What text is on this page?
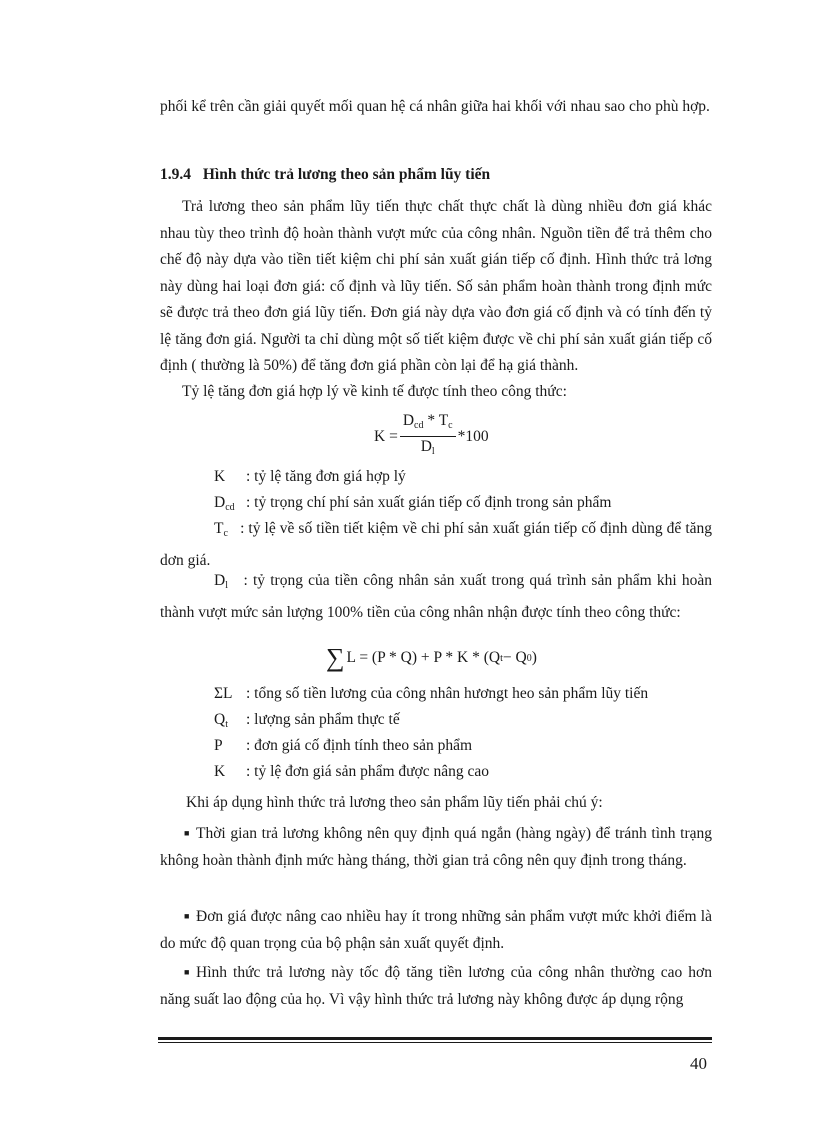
phối kể trên cần giải quyết mối quan hệ cá nhân giữa hai khối với nhau sao cho phù hợp.

1.9.4 Hình thức trả lương theo sản phẩm lũy tiến

Trả lương theo sản phẩm lũy tiến thực chất thực chất là dùng nhiều đơn giá khác nhau tùy theo trình độ hoàn thành vượt mức của công nhân. Nguồn tiền để trả thêm cho chế độ này dựa vào tiền tiết kiệm chi phí sản xuất gián tiếp cố định. Hình thức trả lơng này dùng hai loại đơn giá: cố định và lũy tiến. Số sản phẩm hoàn thành trong định mức sẽ được trả theo đơn giá lũy tiến. Đơn giá này dựa vào đơn giá cố định và có tính đến tỷ lệ tăng đơn giá. Người ta chỉ dùng một số tiết kiệm được về chi phí sản xuất gián tiếp cố định ( thường là 50%) để tăng đơn giá phần còn lại để hạ giá thành.

Tỷ lệ tăng đơn giá hợp lý về kinh tế được tính theo công thức:

$K = \frac{D_{cd} * T_c}{D_l} *100$

K	: tỷ lệ tăng đơn giá hợp lý

$D_{cd}$ : tỷ trọng chí phí sản xuất gián tiếp cố định trong sản phẩm

$T_c$ : tỷ lệ về số tiền tiết kiệm về chi phí sản xuất gián tiếp cố định dùng để tăng dơn giá.

$D_l$ : tỷ trọng của tiền công nhân sản xuất trong quá trình sản phẩm khi hoàn thành vượt mức sản lượng 100% tiền của công nhân nhận được tính theo công thức:

∑ L = (P * Q) + P * K * (Q t − Q 0 )

ΣL : tổng số tiền lương của công nhân hươngt heo sản phẩm lũy tiến

$Q_t$	: lượng sản phẩm thực tế

P	: đơn giá cố định tính theo sản phẩm

K	: tỷ lệ đơn giá sản phẩm được nâng cao

Khi áp dụng hình thức trả lương theo sản phẩm lũy tiến phải chú ý:

■ Thời gian trả lương không nên quy định quá ngắn (hàng ngày) để tránh tình trạng không hoàn thành định mức hàng tháng, thời gian trả công nên quy định trong tháng.

■ Đơn giá được nâng cao nhiều hay ít trong những sản phẩm vượt mức khởi điểm là do mức độ quan trọng của bộ phận sản xuất quyết định.

■ Hình thức trả lương này tốc độ tăng tiền lương của công nhân thường cao hơn năng suất lao động của họ. Vì vậy hình thức trả lương này không được áp dụng rộng

40
